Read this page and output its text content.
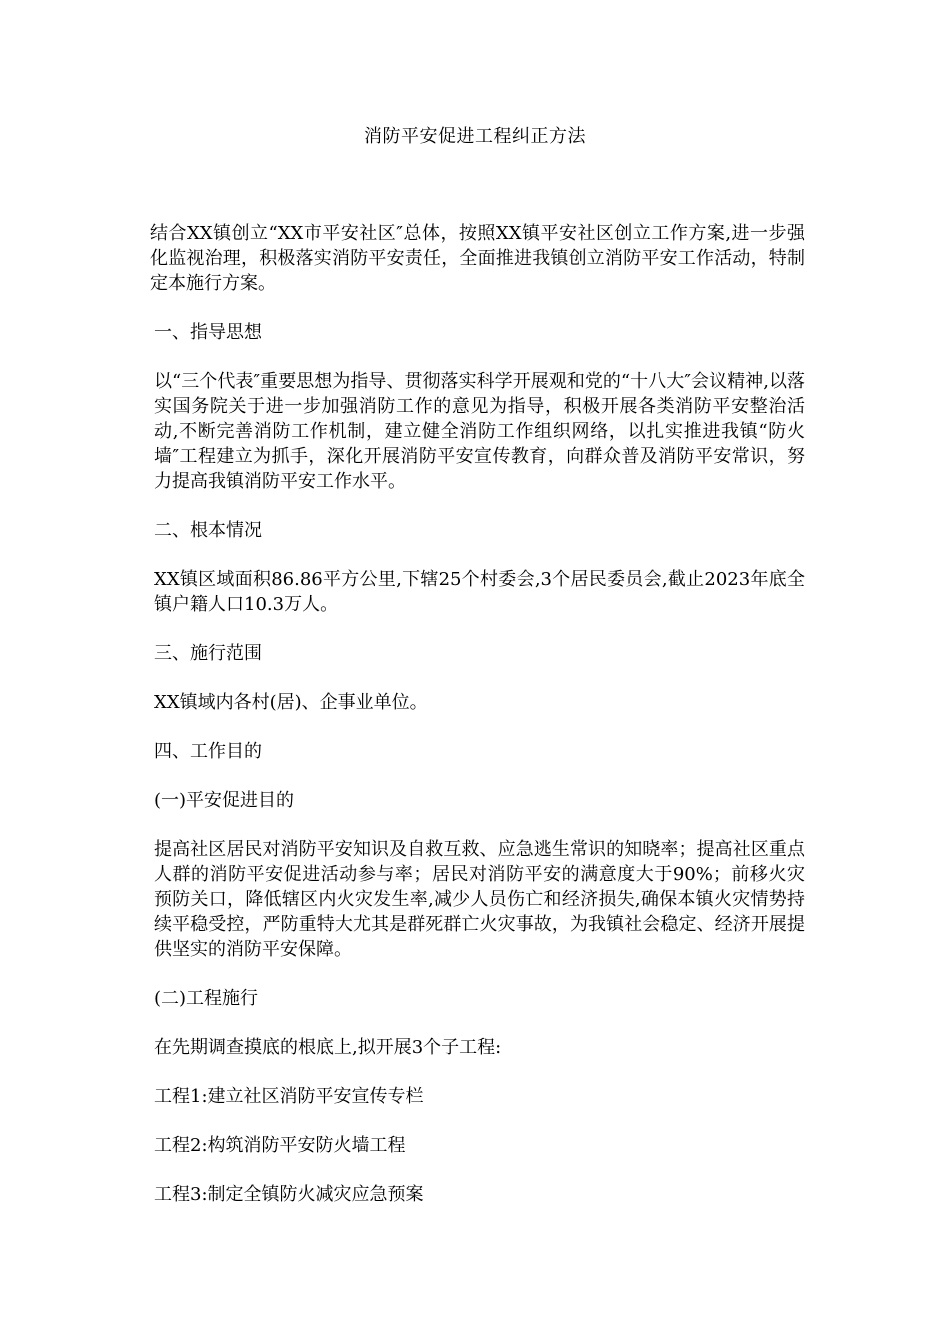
消防平安促进工程纠正方法

结合XX镇创立“XX市平安社区″总体，按照XX镇平安社区创立工作方案,进一步强化监视治理，积极落实消防平安责任，全面推进我镇创立消防平安工作活动，特制定本施行方案。

一、指导思想

以“三个代表″重要思想为指导、贯彻落实科学开展观和党的“十八大″会议精神,以落实国务院关于进一步加强消防工作的意见为指导，积极开展各类消防平安整治活动,不断完善消防工作机制，建立健全消防工作组织网络，以扎实推进我镇“防火墙″工程建立为抓手，深化开展消防平安宣传教育，向群众普及消防平安常识，努力提高我镇消防平安工作水平。

二、根本情况

XX镇区域面积86.86平方公里,下辖25个村委会,3个居民委员会,截止2023年底全镇户籍人口10.3万人。

三、施行范围

XX镇域内各村(居)、企事业单位。

四、工作目的

(一)平安促进目的

提高社区居民对消防平安知识及自救互救、应急逃生常识的知晓率；提高社区重点人群的消防平安促进活动参与率；居民对消防平安的满意度大于90%；前移火灾预防关口，降低辖区内火灾发生率,减少人员伤亡和经济损失,确保本镇火灾情势持续平稳受控，严防重特大尤其是群死群亡火灾事故，为我镇社会稳定、经济开展提供坚实的消防平安保障。

(二)工程施行

在先期调查摸底的根底上,拟开展3个子工程:

工程1:建立社区消防平安宣传专栏

工程2:构筑消防平安防火墙工程

工程3:制定全镇防火减灾应急预案
